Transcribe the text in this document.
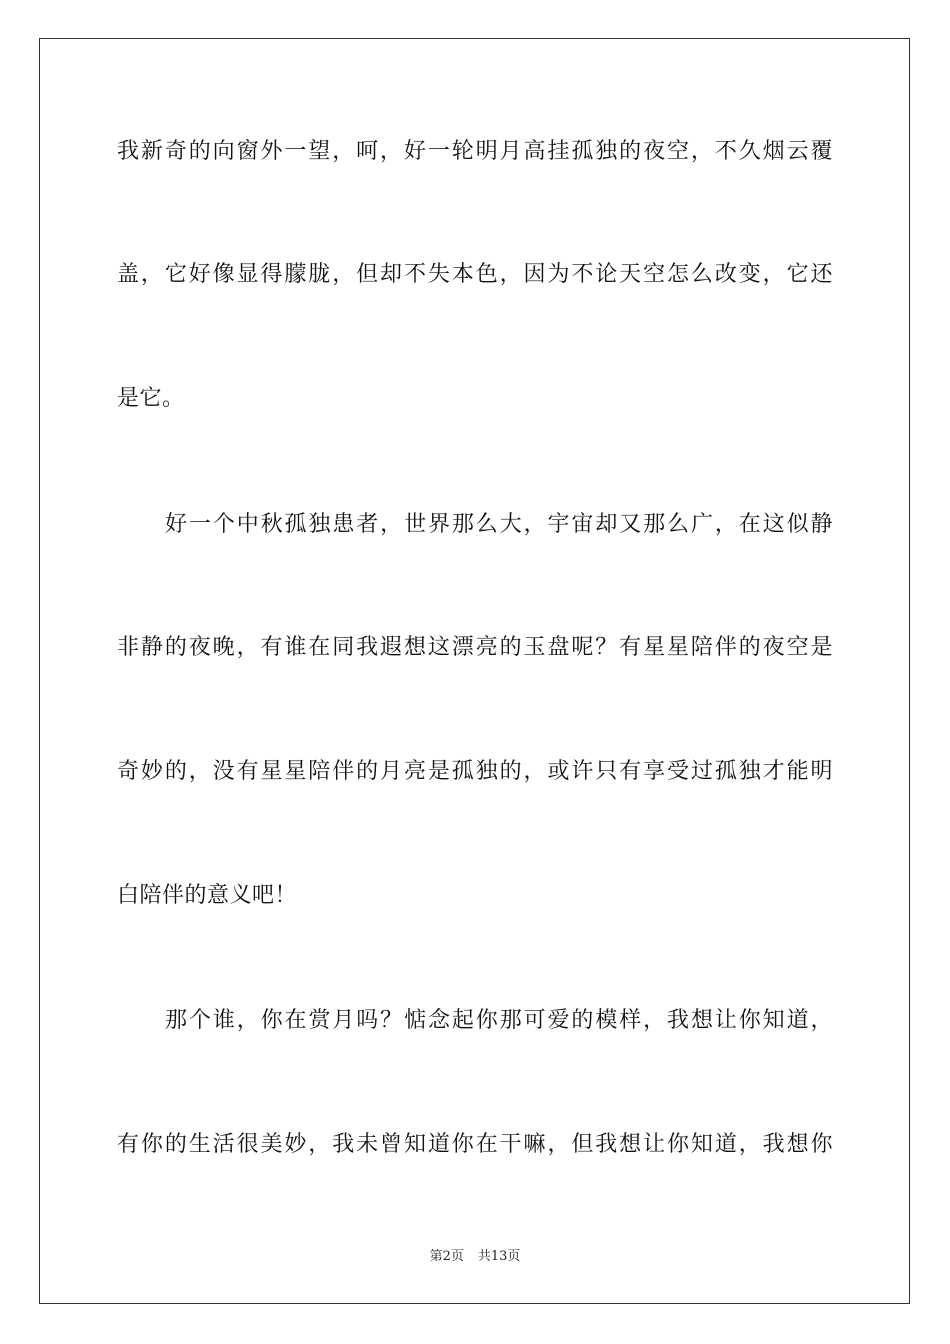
我新奇的向窗外一望，呵，好一轮明月高挂孤独的夜空，不久烟云覆
盖，它好像显得朦胧，但却不失本色，因为不论天空怎么改变，它还
是它。
好一个中秋孤独患者，世界那么大，宇宙却又那么广，在这似静
非静的夜晚，有谁在同我遐想这漂亮的玉盘呢？有星星陪伴的夜空是
奇妙的，没有星星陪伴的月亮是孤独的，或许只有享受过孤独才能明
白陪伴的意义吧！
那个谁，你在赏月吗？惦念起你那可爱的模样，我想让你知道，
有你的生活很美妙，我未曾知道你在干嘛，但我想让你知道，我想你
第2页 共13页
